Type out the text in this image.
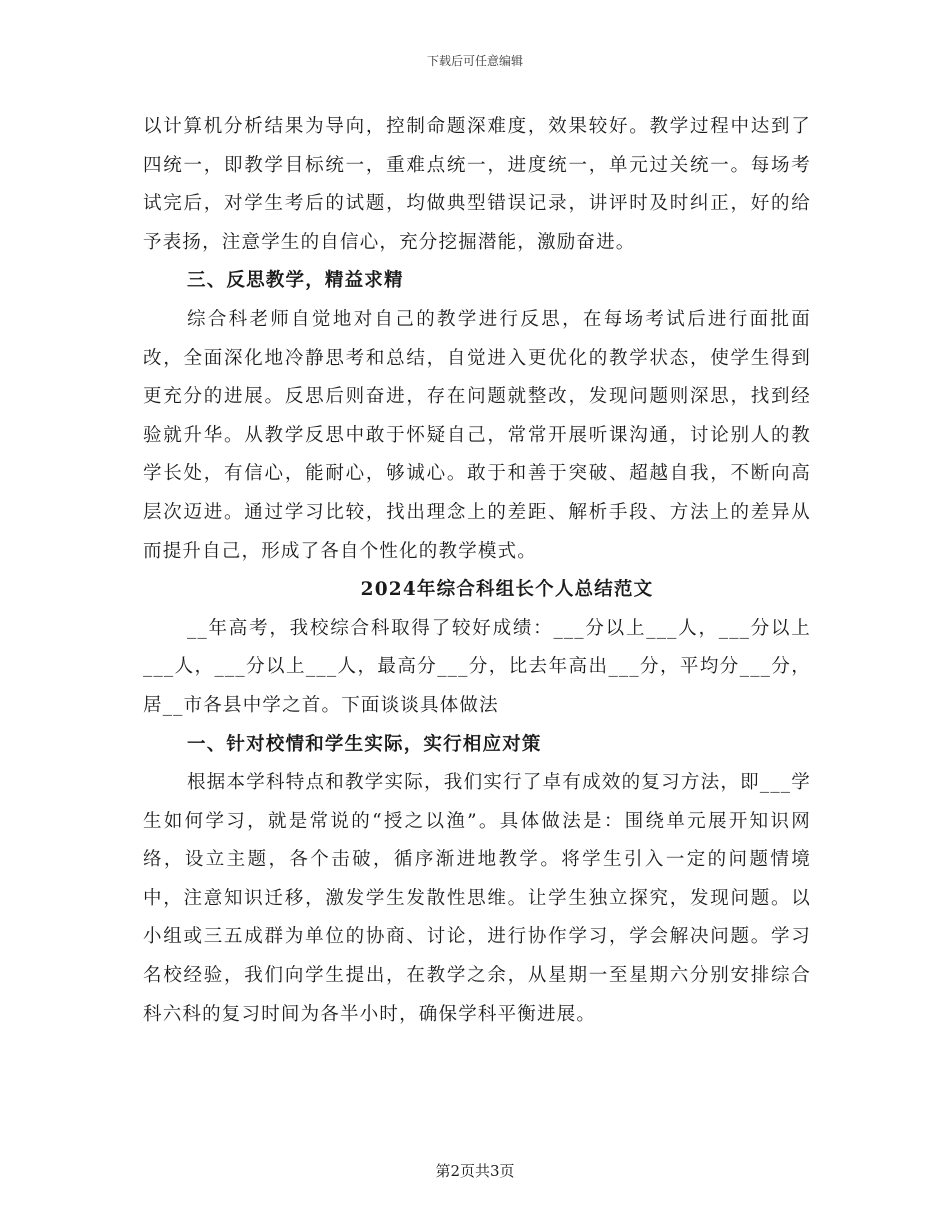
下载后可任意编辑

以计算机分析结果为导向，控制命题深难度，效果较好。教学过程中达到了四统一，即教学目标统一，重难点统一，进度统一，单元过关统一。每场考试完后，对学生考后的试题，均做典型错误记录，讲评时及时纠正，好的给予表扬，注意学生的自信心，充分挖掘潜能，激励奋进。

三、反思教学，精益求精

综合科老师自觉地对自己的教学进行反思，在每场考试后进行面批面改，全面深化地冷静思考和总结，自觉进入更优化的教学状态，使学生得到更充分的进展。反思后则奋进，存在问题就整改，发现问题则深思，找到经验就升华。从教学反思中敢于怀疑自己，常常开展听课沟通，讨论别人的教学长处，有信心，能耐心，够诚心。敢于和善于突破、超越自我，不断向高层次迈进。通过学习比较，找出理念上的差距、解析手段、方法上的差异从而提升自己，形成了各自个性化的教学模式。

2024年综合科组长个人总结范文

__年高考，我校综合科取得了较好成绩：___分以上___人，___分以上___人，___分以上___人，最高分___分，比去年高出___分，平均分___分，居__市各县中学之首。下面谈谈具体做法

一、针对校情和学生实际，实行相应对策

根据本学科特点和教学实际，我们实行了卓有成效的复习方法，即___学生如何学习，就是常说的“授之以渔”。具体做法是：围绕单元展开知识网络，设立主题，各个击破，循序渐进地教学。将学生引入一定的问题情境中，注意知识迁移，激发学生发散性思维。让学生独立探究，发现问题。以小组或三五成群为单位的协商、讨论，进行协作学习，学会解决问题。学习名校经验，我们向学生提出，在教学之余，从星期一至星期六分别安排综合科六科的复习时间为各半小时，确保学科平衡进展。

第2页共3页
